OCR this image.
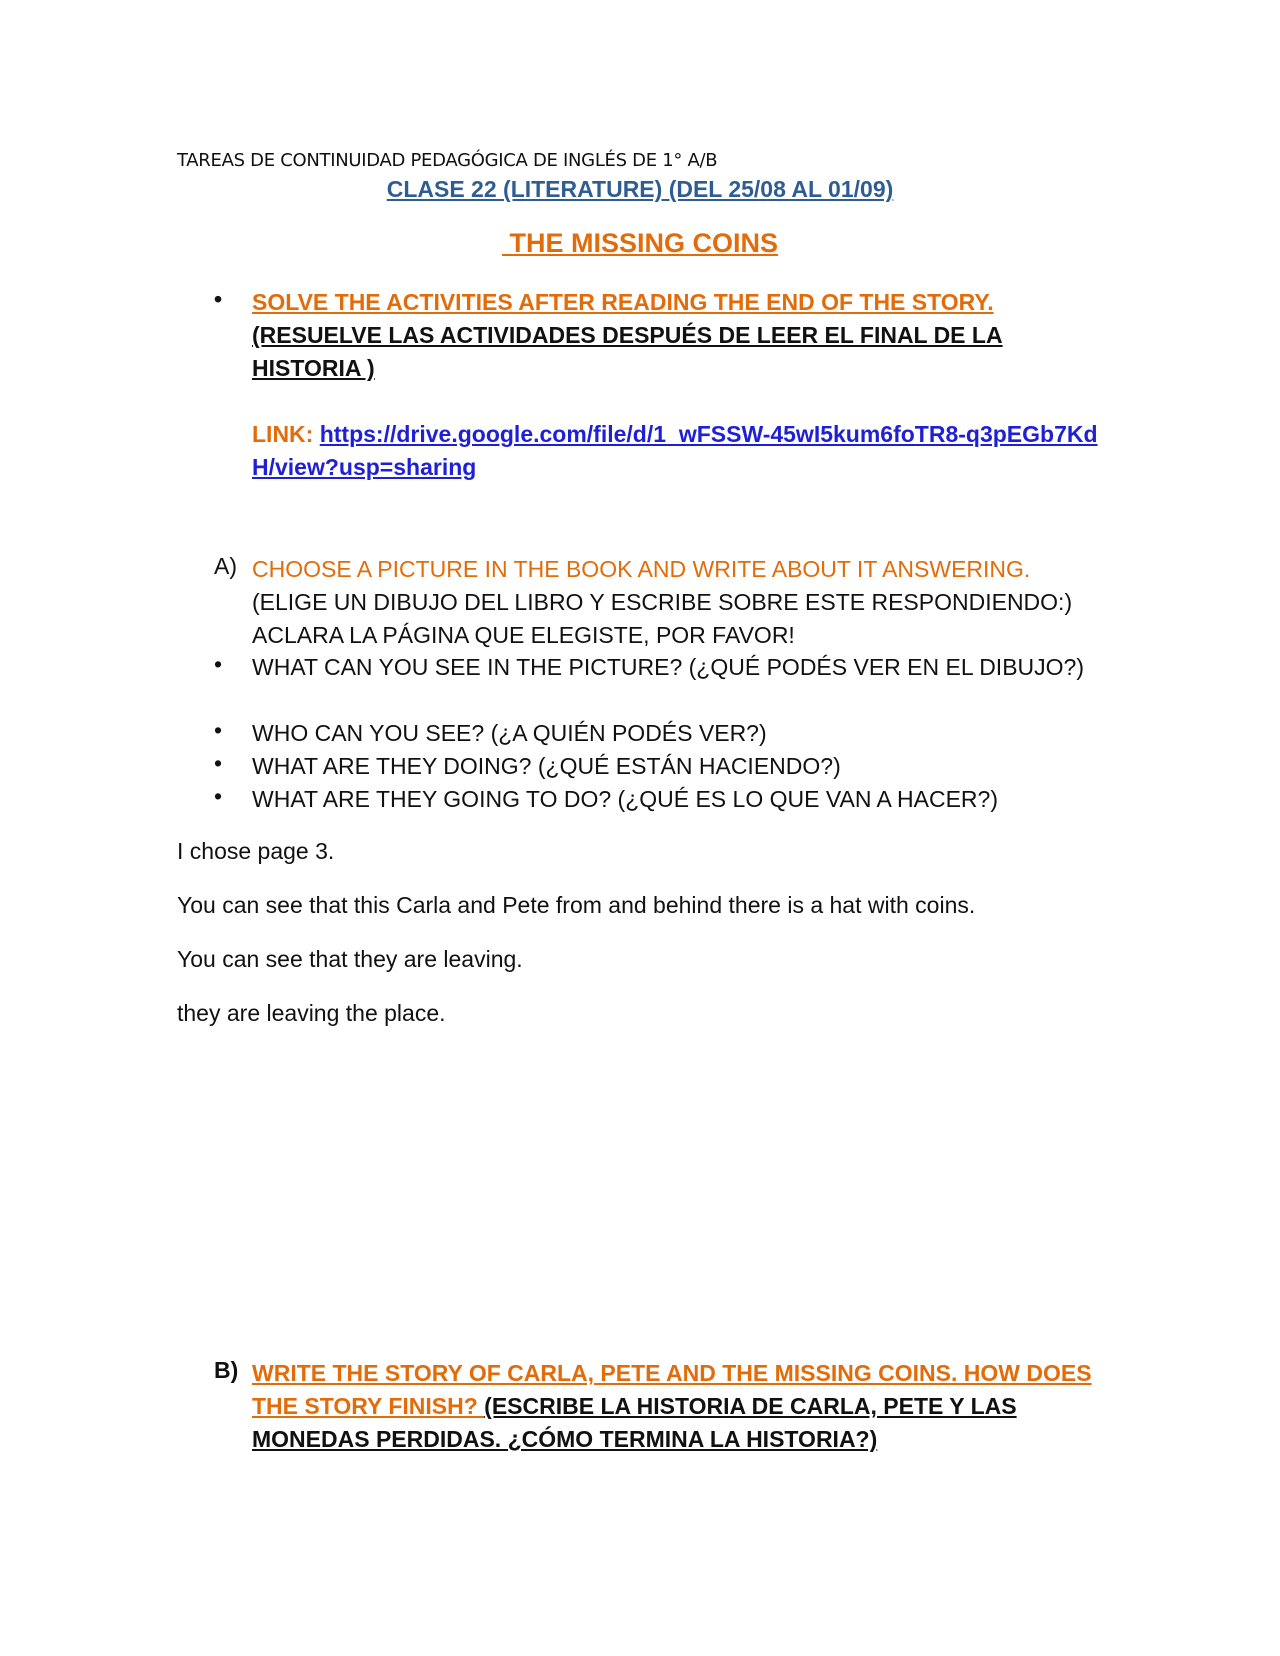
TAREAS DE CONTINUIDAD PEDAGÓGICA DE INGLÉS DE 1° A/B
CLASE 22 (LITERATURE) (DEL 25/08 AL 01/09)
THE MISSING COINS
• SOLVE THE ACTIVITIES AFTER READING THE END OF THE STORY.
(RESUELVE LAS ACTIVIDADES DESPUÉS DE LEER EL FINAL DE LA HISTORIA )
LINK: https://drive.google.com/file/d/1_wFSSW-45wI5kum6foTR8-q3pEGb7KdH/view?usp=sharing
A) CHOOSE A PICTURE IN THE BOOK AND WRITE ABOUT IT ANSWERING.  (ELIGE UN DIBUJO DEL LIBRO Y ESCRIBE SOBRE ESTE RESPONDIENDO:) ACLARA LA PÁGINA QUE ELEGISTE, POR FAVOR!
• WHAT CAN YOU SEE IN THE PICTURE? (¿QUÉ PODÉS VER EN EL DIBUJO?)
• WHO CAN YOU SEE? (¿A QUIÉN PODÉS VER?)
• WHAT ARE THEY DOING? (¿QUÉ ESTÁN HACIENDO?)
• WHAT ARE THEY GOING TO DO? (¿QUÉ ES LO QUE VAN A HACER?)
I chose page 3.
You can see that this Carla and Pete from and behind there is a hat with coins.
You can see that they are leaving.
they are leaving the place.
B) WRITE THE STORY OF CARLA, PETE AND THE MISSING COINS. HOW DOES THE STORY FINISH? (ESCRIBE LA HISTORIA DE CARLA, PETE Y LAS MONEDAS PERDIDAS. ¿CÓMO TERMINA LA HISTORIA?)
